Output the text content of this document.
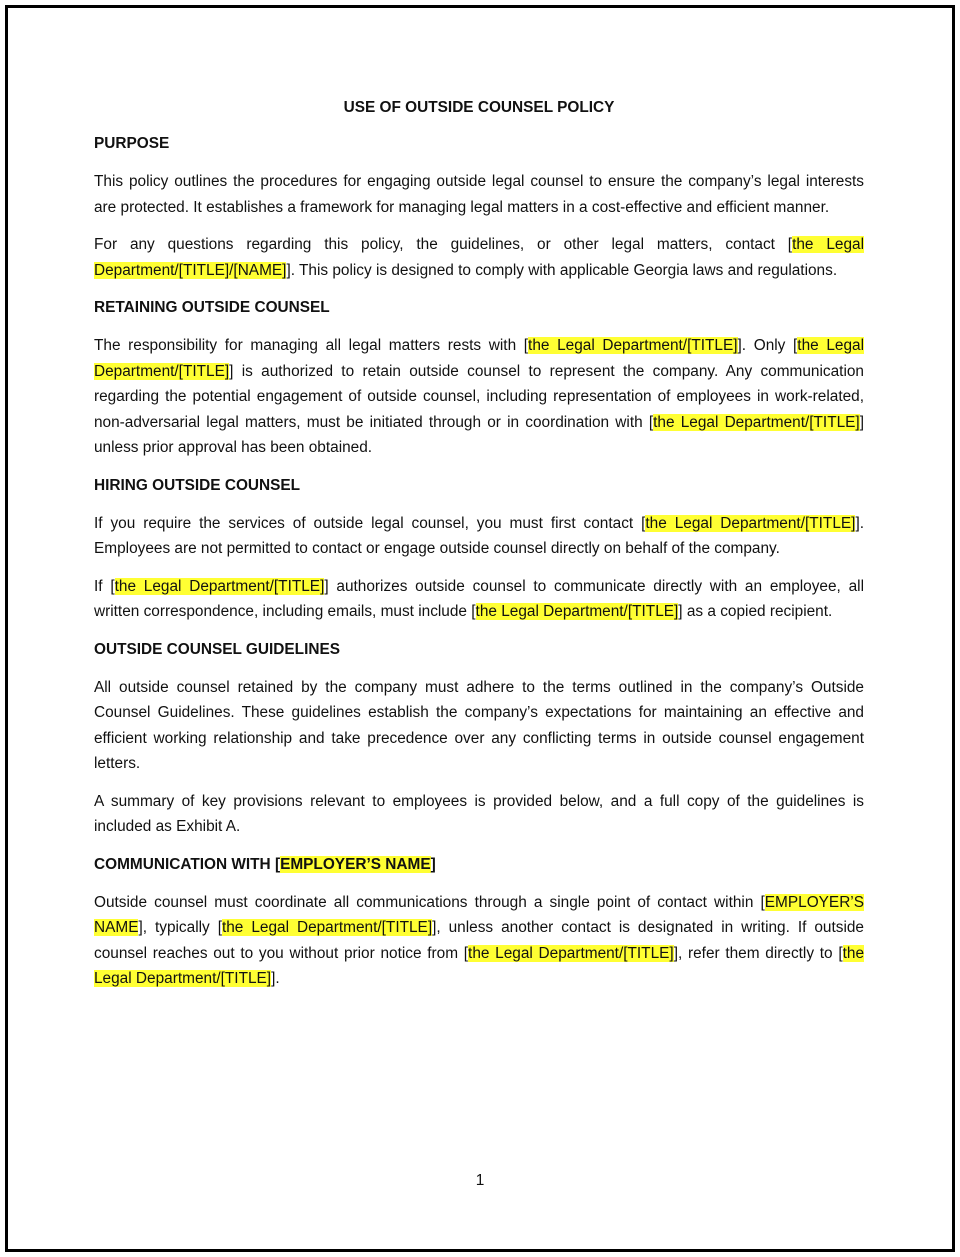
USE OF OUTSIDE COUNSEL POLICY
PURPOSE

This policy outlines the procedures for engaging outside legal counsel to ensure the company’s legal interests are protected. It establishes a framework for managing legal matters in a cost-effective and efficient manner.

For any questions regarding this policy, the guidelines, or other legal matters, contact [the Legal Department/[TITLE]/[NAME]]. This policy is designed to comply with applicable Georgia laws and regulations.

RETAINING OUTSIDE COUNSEL

The responsibility for managing all legal matters rests with [the Legal Department/[TITLE]]. Only [the Legal Department/[TITLE]] is authorized to retain outside counsel to represent the company. Any communication regarding the potential engagement of outside counsel, including representation of employees in work-related, non-adversarial legal matters, must be initiated through or in coordination with [the Legal Department/[TITLE]] unless prior approval has been obtained.

HIRING OUTSIDE COUNSEL

If you require the services of outside legal counsel, you must first contact [the Legal Department/[TITLE]]. Employees are not permitted to contact or engage outside counsel directly on behalf of the company.

If [the Legal Department/[TITLE]] authorizes outside counsel to communicate directly with an employee, all written correspondence, including emails, must include [the Legal Department/[TITLE]] as a copied recipient.

OUTSIDE COUNSEL GUIDELINES

All outside counsel retained by the company must adhere to the terms outlined in the company’s Outside Counsel Guidelines. These guidelines establish the company’s expectations for maintaining an effective and efficient working relationship and take precedence over any conflicting terms in outside counsel engagement letters.

A summary of key provisions relevant to employees is provided below, and a full copy of the guidelines is included as Exhibit A.

COMMUNICATION WITH [EMPLOYER’S NAME]

Outside counsel must coordinate all communications through a single point of contact within [EMPLOYER’S NAME], typically [the Legal Department/[TITLE]], unless another contact is designated in writing. If outside counsel reaches out to you without prior notice from [the Legal Department/[TITLE]], refer them directly to [the Legal Department/[TITLE]].

1
